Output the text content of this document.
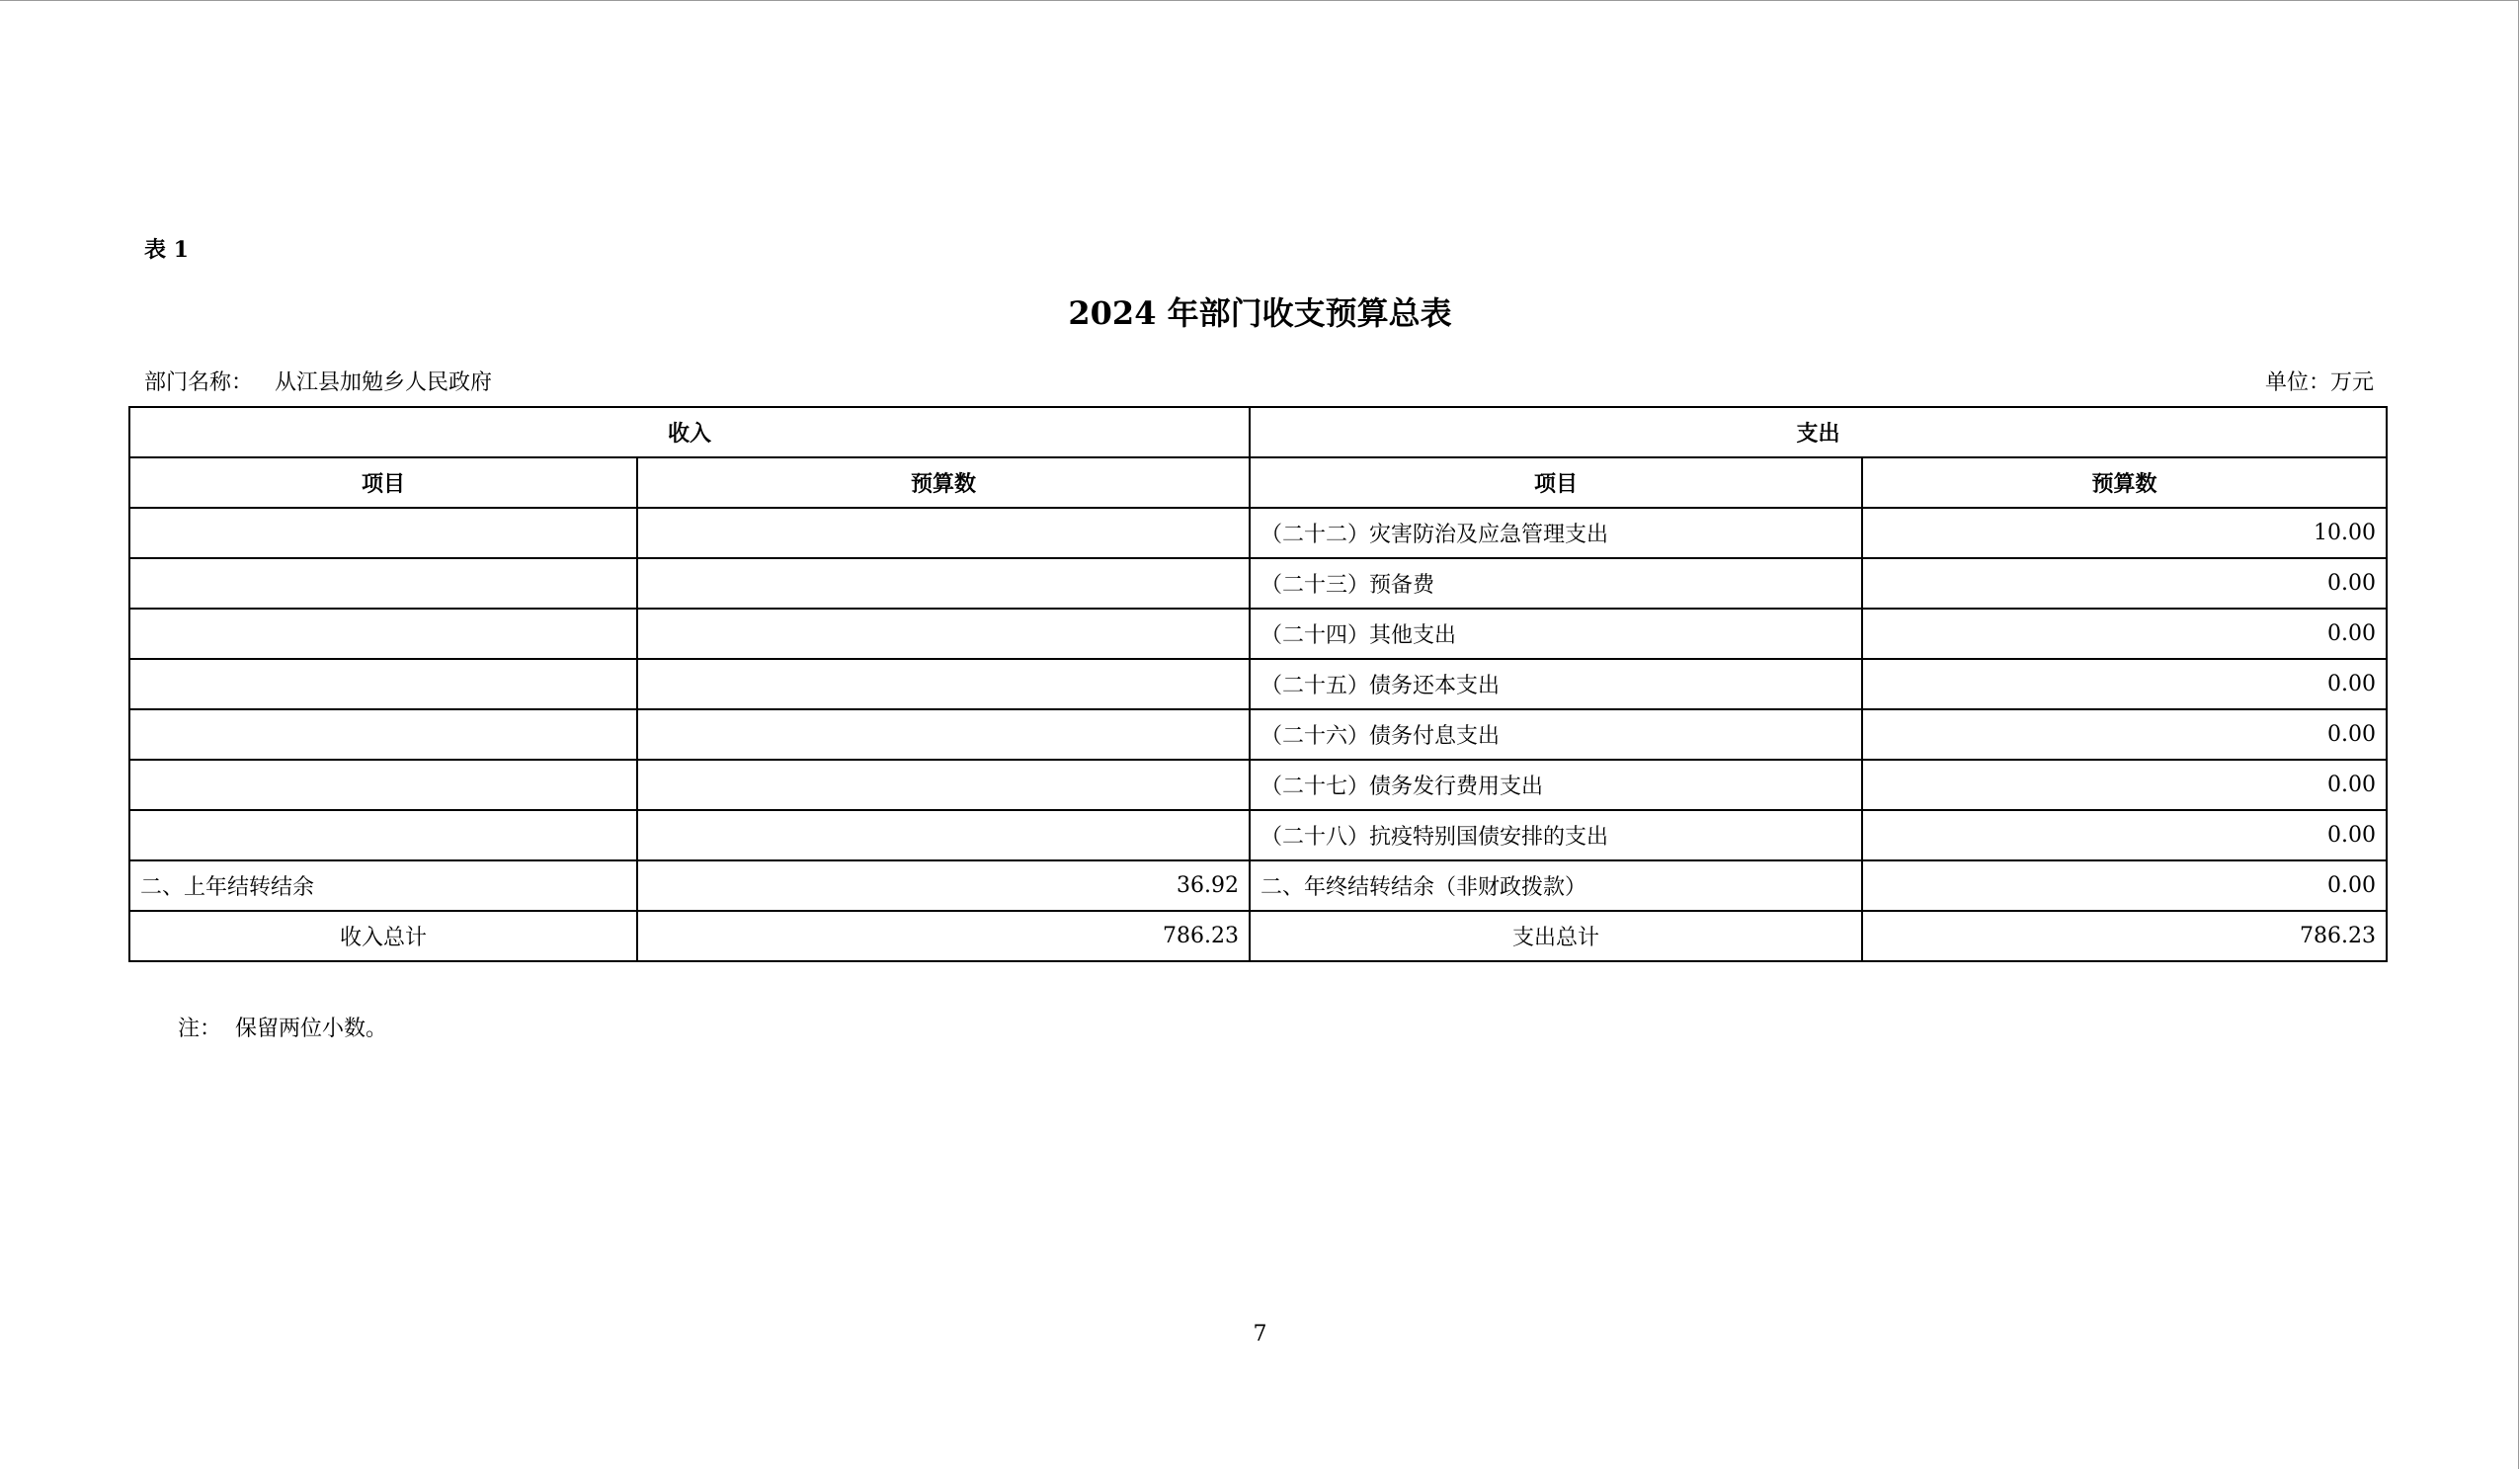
表 1
2024 年部门收支预算总表
部门名称： 从江县加勉乡人民政府	单位：万元
收入		支出	
项目	预算数	项目	预算数
		（二十二）灾害防治及应急管理支出	10.00
		（二十三）预备费	0.00
		（二十四）其他支出	0.00
		（二十五）债务还本支出	0.00
		（二十六）债务付息支出	0.00
		（二十七）债务发行费用支出	0.00
		（二十八）抗疫特别国债安排的支出	0.00
二、上年结转结余	36.92	二、年终结转结余（非财政拨款）	0.00
收入总计	786.23	支出总计	786.23
注： 保留两位小数。
7
